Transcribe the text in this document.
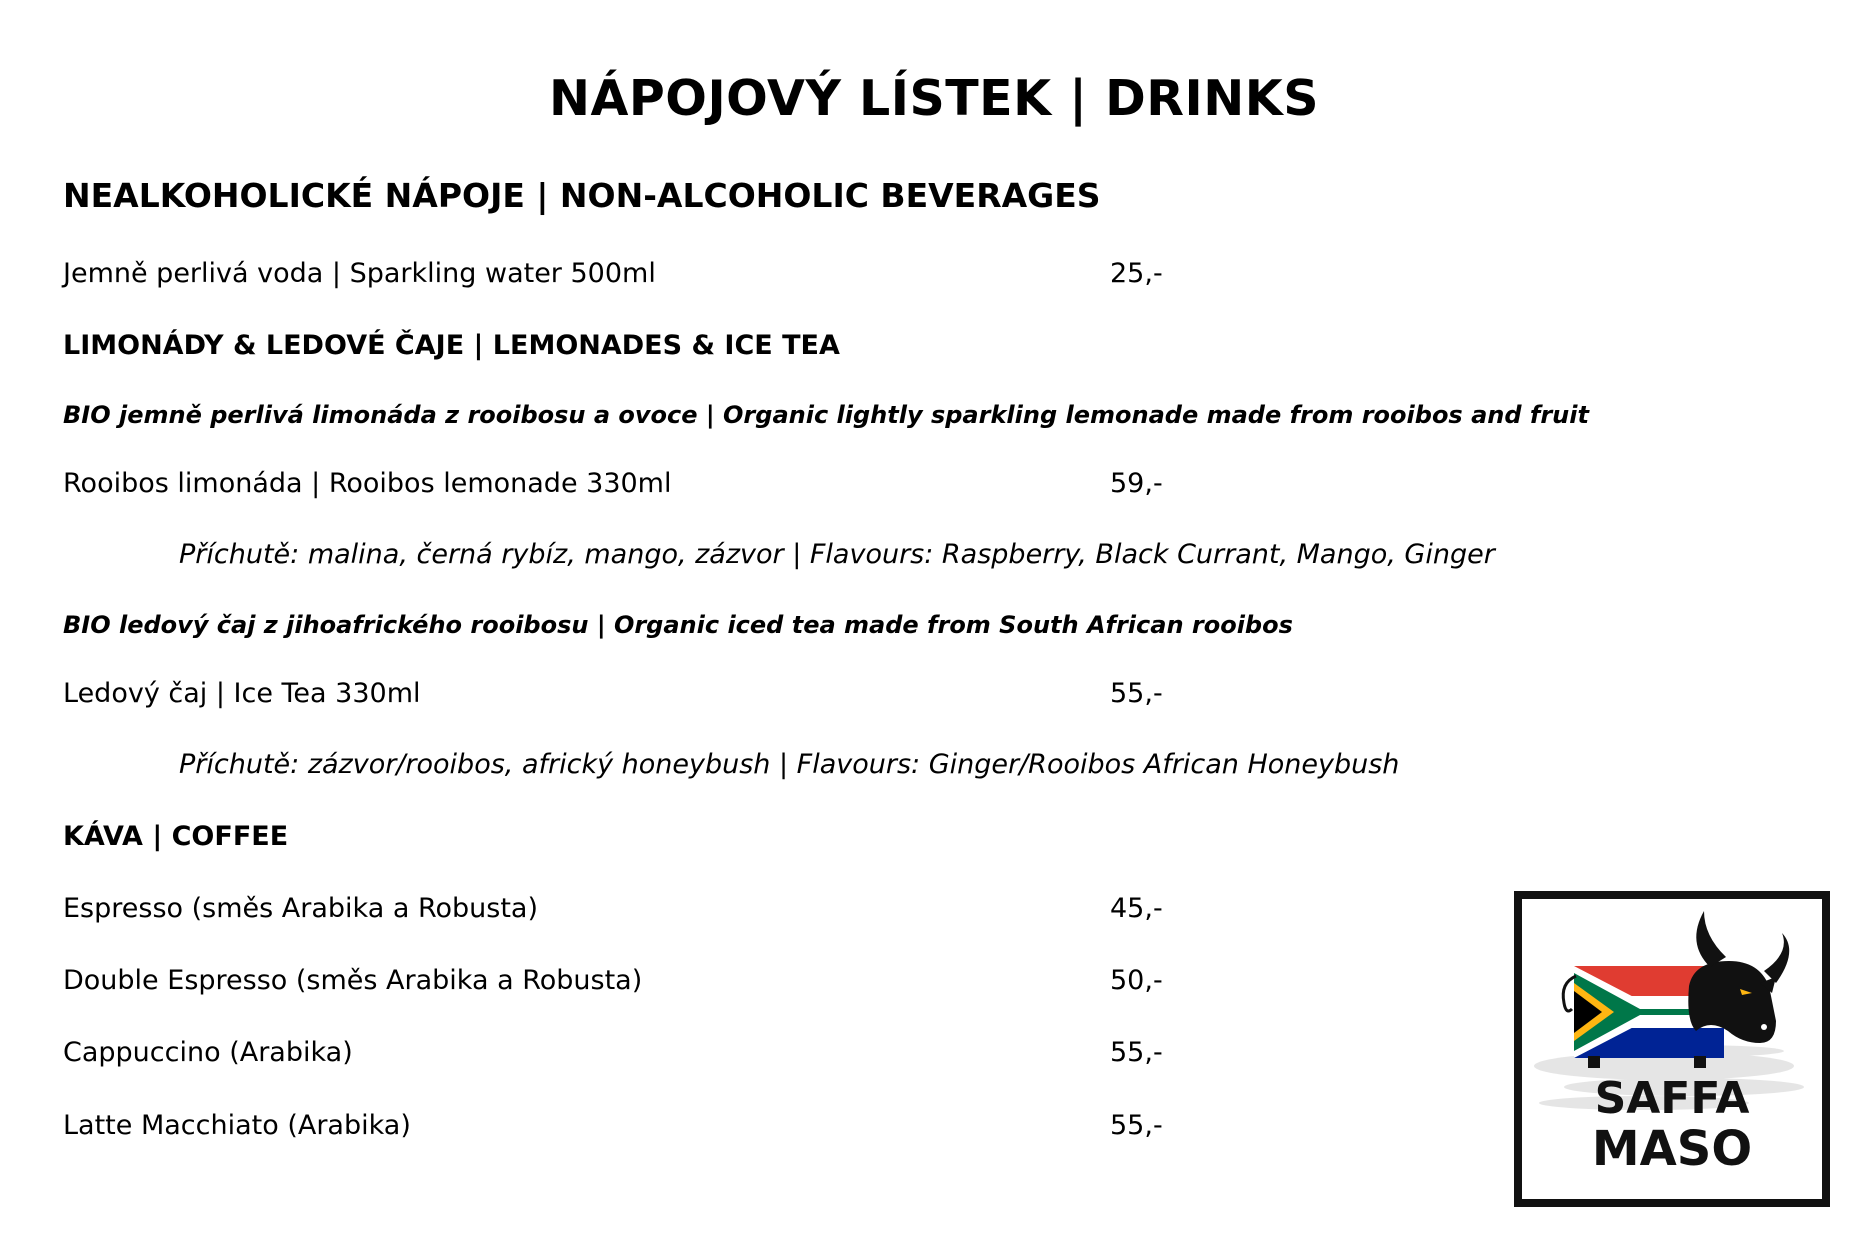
NÁPOJOVÝ LÍSTEK | DRINKS
NEALKOHOLICKÉ NÁPOJE | NON-ALCOHOLIC BEVERAGES
Jemně perlivá voda | Sparkling water 500ml	25,-
LIMONÁDY & LEDOVÉ ČAJE | LEMONADES & ICE TEA
BIO jemně perlivá limonáda z rooibosu a ovoce | Organic lightly sparkling lemonade made from rooibos and fruit
Rooibos limonáda | Rooibos lemonade 330ml	59,-
Příchutě: malina, černá rybíz, mango, zázvor | Flavours: Raspberry, Black Currant, Mango, Ginger
BIO ledový čaj z jihoafrického rooibosu | Organic iced tea made from South African rooibos
Ledový čaj | Ice Tea 330ml	55,-
Příchutě: zázvor/rooibos, africký honeybush | Flavours: Ginger/Rooibos African Honeybush
KÁVA | COFFEE
Espresso (směs Arabika a Robusta)	45,-
Double Espresso (směs Arabika a Robusta)	50,-
Cappuccino (Arabika)	55,-
Latte Macchiato (Arabika)	55,-
SAFFA
MASO
